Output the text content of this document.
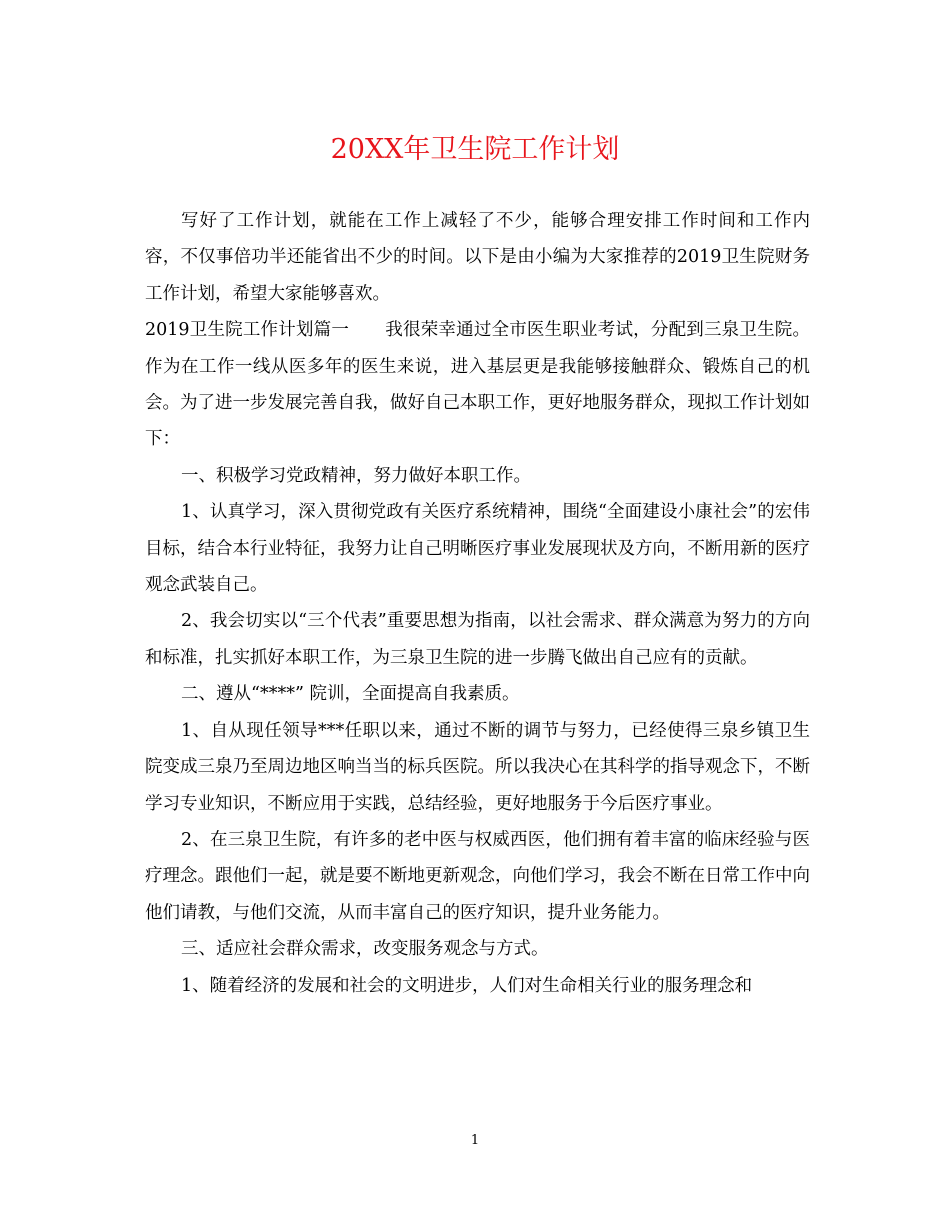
20XX年卫生院工作计划

写好了工作计划，就能在工作上减轻了不少，能够合理安排工作时间和工作内容，不仅事倍功半还能省出不少的时间。以下是由小编为大家推荐的2019卫生院财务工作计划，希望大家能够喜欢。

2019卫生院工作计划篇一 我很荣幸通过全市医生职业考试，分配到三泉卫生院。作为在工作一线从医多年的医生来说，进入基层更是我能够接触群众、锻炼自己的机会。为了进一步发展完善自我，做好自己本职工作，更好地服务群众，现拟工作计划如下：

一、积极学习党政精神，努力做好本职工作。

1、认真学习，深入贯彻党政有关医疗系统精神，围绕“全面建设小康社会”的宏伟目标，结合本行业特征，我努力让自己明晰医疗事业发展现状及方向，不断用新的医疗观念武装自己。

2、我会切实以“三个代表”重要思想为指南，以社会需求、群众满意为努力的方向和标准，扎实抓好本职工作，为三泉卫生院的进一步腾飞做出自己应有的贡献。

二、遵从“****” 院训，全面提高自我素质。

1、自从现任领导***任职以来，通过不断的调节与努力，已经使得三泉乡镇卫生院变成三泉乃至周边地区响当当的标兵医院。所以我决心在其科学的指导观念下，不断学习专业知识，不断应用于实践，总结经验，更好地服务于今后医疗事业。

2、在三泉卫生院，有许多的老中医与权威西医，他们拥有着丰富的临床经验与医疗理念。跟他们一起，就是要不断地更新观念，向他们学习，我会不断在日常工作中向他们请教，与他们交流，从而丰富自己的医疗知识，提升业务能力。

三、适应社会群众需求，改变服务观念与方式。

1、随着经济的发展和社会的文明进步，人们对生命相关行业的服务理念和

1
